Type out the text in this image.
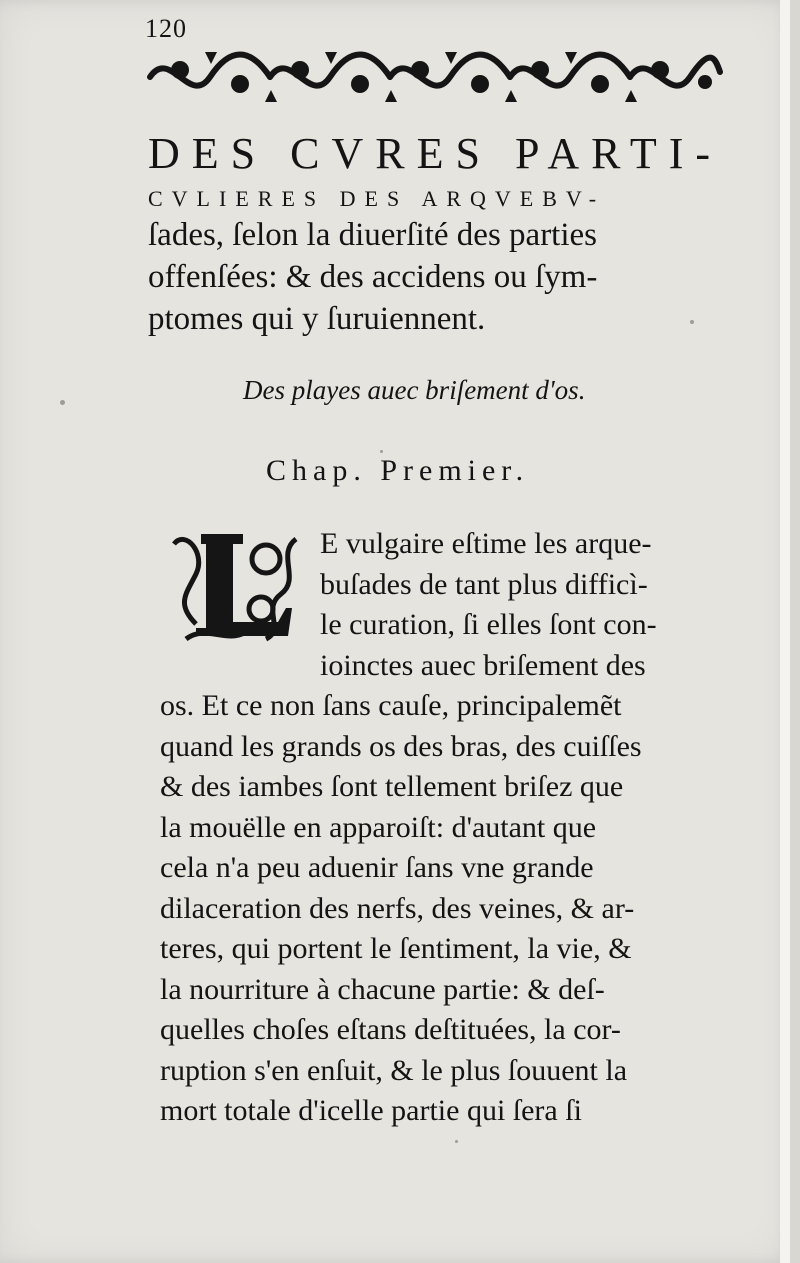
120
DES CVRES PARTI-
CVLIERES DES ARQVEBV-
ſades, ſelon la diuerſité des parties
offenſées: & des accidens ou ſym-
ptomes qui y ſuruiennent.
Des playes auec briſement d'os.
Chap. Premier.
E vulgaire eſtime les arque-
buſades de tant plus difficì-
le curation, ſi elles ſont con-
ioinctes auec briſement des
os. Et ce non ſans cauſe, principalemẽt
quand les grands os des bras, des cuiſſes
& des iambes ſont tellement briſez que
la mouëlle en apparoiſt: d'autant que
cela n'a peu aduenir ſans vne grande
dilaceration des nerfs, des veines, & ar-
teres, qui portent le ſentiment, la vie, &
la nourriture à chacune partie: & deſ-
quelles choſes eſtans deſtituées, la cor-
ruption s'en enſuit, & le plus ſouuent la
mort totale d'icelle partie qui ſera ſi
